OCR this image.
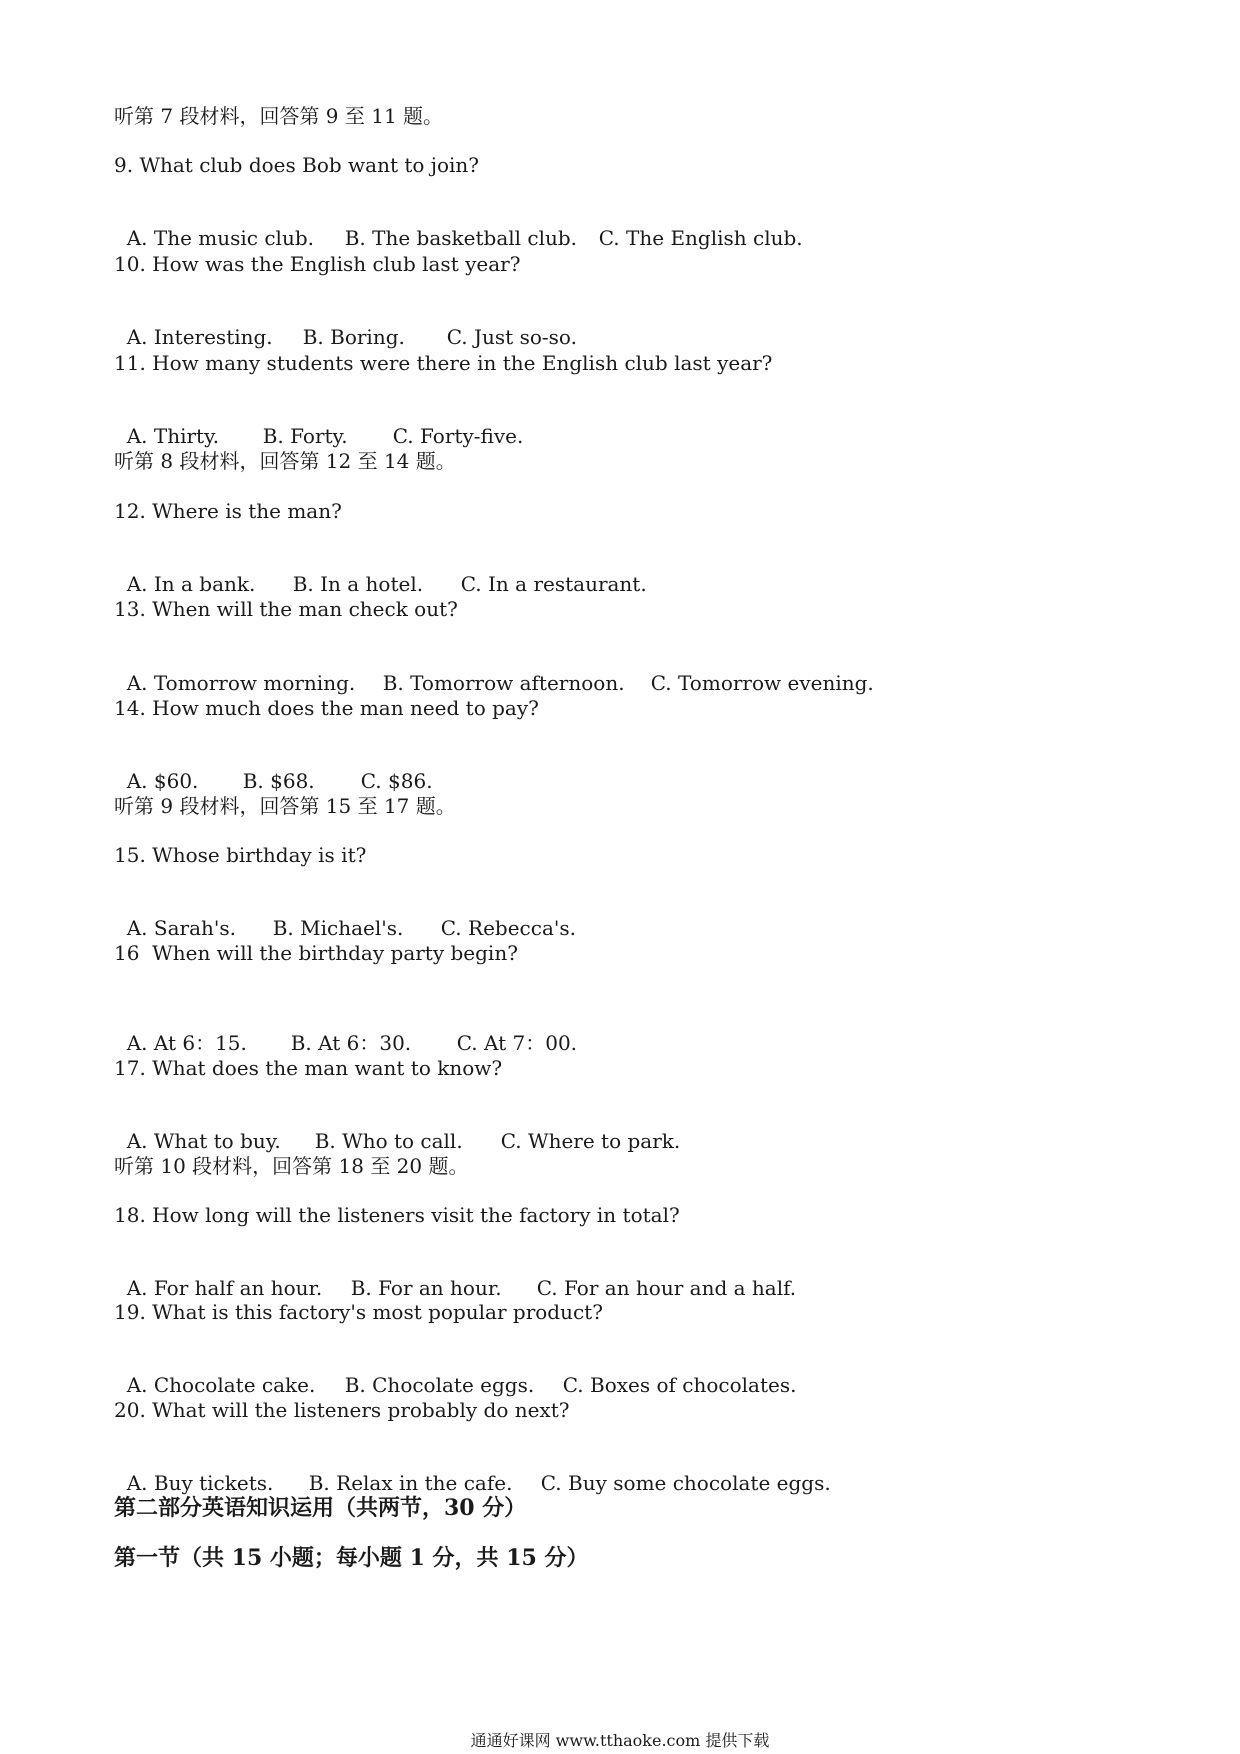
听第 7 段材料，回答第 9 至 11 题。
9. What club does Bob want to join?

A. The music club. B. The basketball club. C. The English club.

10. How was the English club last year?

A. Interesting. B. Boring. C. Just so-so.

11. How many students were there in the English club last year?

A. Thirty. B. Forty. C. Forty-five.

听第 8 段材料，回答第 12 至 14 题。
12. Where is the man?

A. In a bank. B. In a hotel. C. In a restaurant.

13. When will the man check out?

A. Tomorrow morning. B. Tomorrow afternoon. C. Tomorrow evening.

14. How much does the man need to pay?

A. $60. B. $68. C. $86.

听第 9 段材料，回答第 15 至 17 题。
15. Whose birthday is it?

A. Sarah's. B. Michael's. C. Rebecca's.

16  When will the birthday party begin?

A. At 6：15. B. At 6：30. C. At 7：00.

17. What does the man want to know?

A. What to buy. B. Who to call. C. Where to park.

听第 10 段材料，回答第 18 至 20 题。
18. How long will the listeners visit the factory in total?

A. For half an hour. B. For an hour. C. For an hour and a half.

19. What is this factory's most popular product?

A. Chocolate cake. B. Chocolate eggs. C. Boxes of chocolates.

20. What will the listeners probably do next?

A. Buy tickets. B. Relax in the cafe. C. Buy some chocolate eggs.

第二部分英语知识运用（共两节，30 分）
第一节（共 15 小题；每小题 1 分，共 15 分）
通通好课网 www.tthaoke.com 提供下载
